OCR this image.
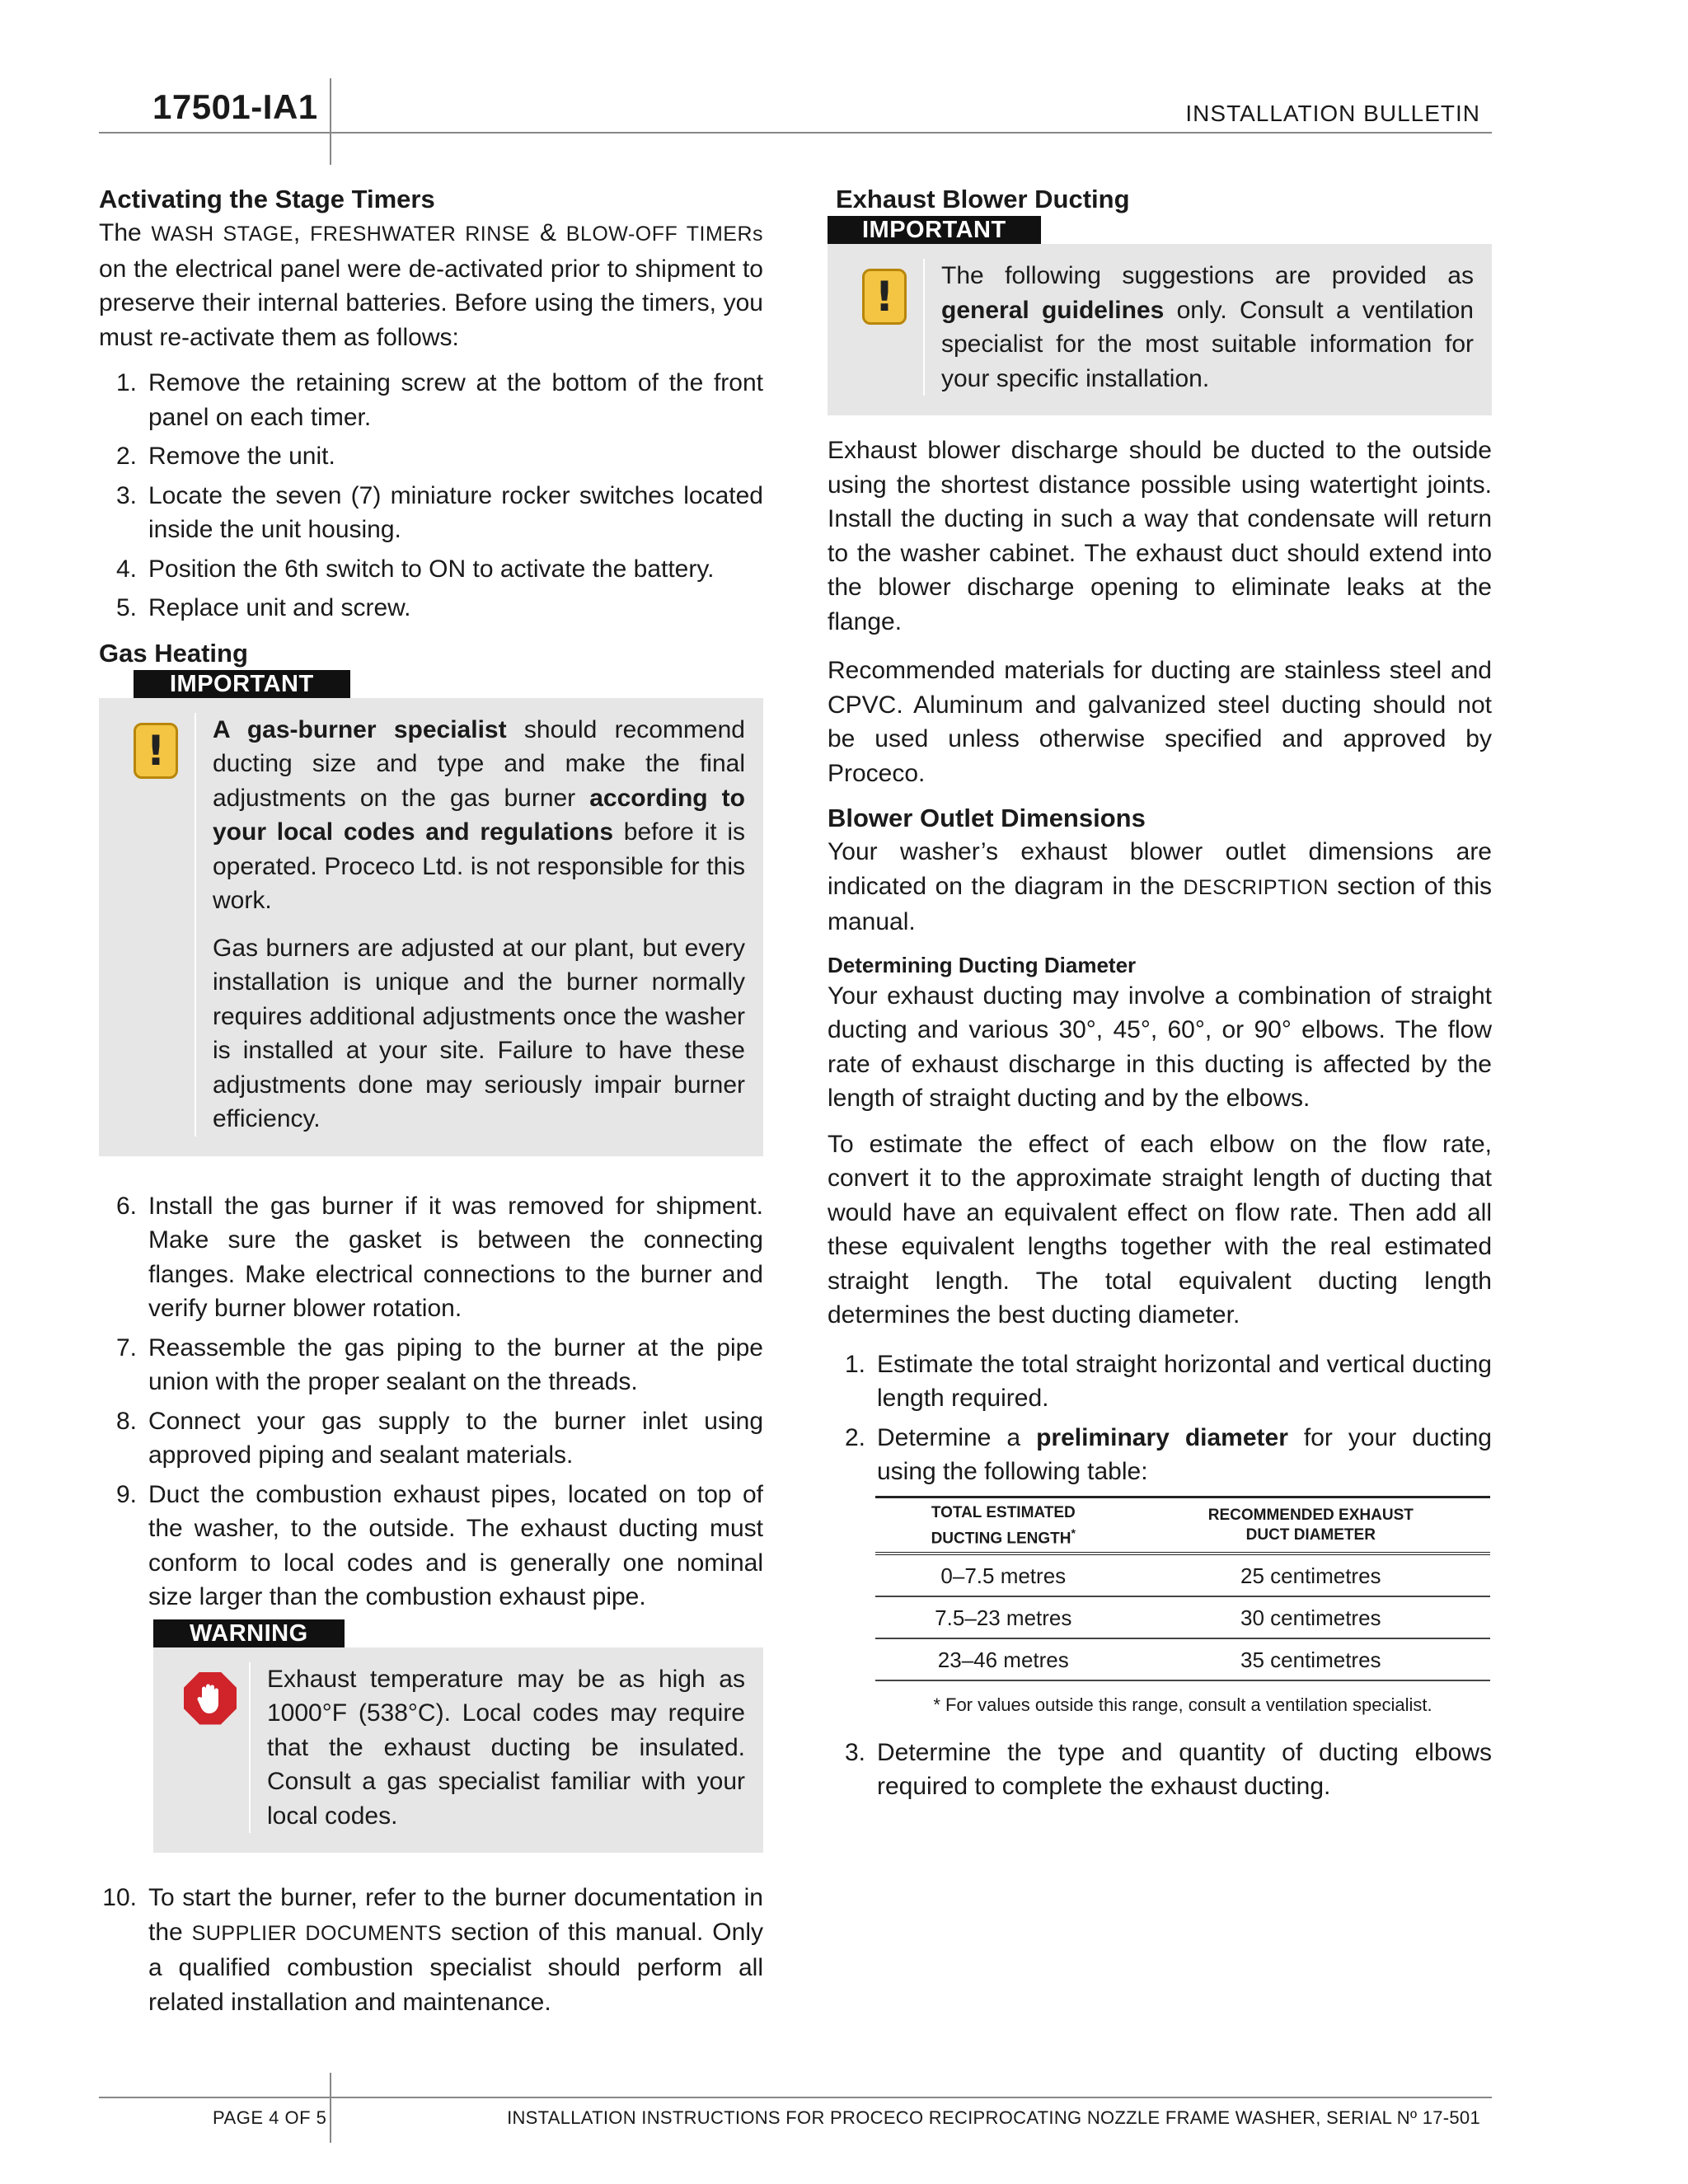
17501-IA1	INSTALLATION BULLETIN
Activating the Stage Timers

The WASH STAGE, FRESHWATER RINSE & BLOW-OFF TIMERs on the electrical panel were de-activated prior to shipment to preserve their internal batteries. Before using the timers, you must re-activate them as follows:

1. Remove the retaining screw at the bottom of the front panel on each timer.
2. Remove the unit.
3. Locate the seven (7) miniature rocker switches located inside the unit housing.
4. Position the 6th switch to ON to activate the battery.
5. Replace unit and screw.
Gas Heating
IMPORTANT
!	A gas-burner specialist should recommend ducting size and type and make the final adjustments on the gas burner according to your local codes and regulations before it is operated. Proceco Ltd. is not responsible for this work.

Gas burners are adjusted at our plant, but every installation is unique and the burner normally requires additional adjustments once the washer is installed at your site. Failure to have these adjustments done may seriously impair burner efficiency.

6. Install the gas burner if it was removed for shipment. Make sure the gasket is between the connecting flanges. Make electrical connections to the burner and verify burner blower rotation.
7. Reassemble the gas piping to the burner at the pipe union with the proper sealant on the threads.
8. Connect your gas supply to the burner inlet using approved piping and sealant materials.
9. Duct the combustion exhaust pipes, located on top of the washer, to the outside. The exhaust ducting must conform to local codes and is generally one nominal size larger than the combustion exhaust pipe.
WARNING

Exhaust temperature may be as high as 1000°F (538°C). Local codes may require that the exhaust ducting be insulated. Consult a gas specialist familiar with your local codes.

10. To start the burner, refer to the burner documentation in the SUPPLIER DOCUMENTS section of this manual. Only a qualified combustion specialist should perform all related installation and maintenance.
Exhaust Blower Ducting
IMPORTANT
!	The following suggestions are provided as general guidelines only. Consult a ventilation specialist for the most suitable information for your specific installation.

Exhaust blower discharge should be ducted to the outside using the shortest distance possible using watertight joints. Install the ducting in such a way that condensate will return to the washer cabinet. The exhaust duct should extend into the blower discharge opening to eliminate leaks at the flange.

Recommended materials for ducting are stainless steel and CPVC. Aluminum and galvanized steel ducting should not be used unless otherwise specified and approved by Proceco.

Blower Outlet Dimensions

Your washer’s exhaust blower outlet dimensions are indicated on the diagram in the DESCRIPTION section of this manual.

Determining Ducting Diameter

Your exhaust ducting may involve a combination of straight ducting and various 30°, 45°, 60°, or 90° elbows. The flow rate of exhaust discharge in this ducting is affected by the length of straight ducting and by the elbows.

To estimate the effect of each elbow on the flow rate, convert it to the approximate straight length of ducting that would have an equivalent effect on flow rate. Then add all these equivalent lengths together with the real estimated straight length. The total equivalent ducting length determines the best ducting diameter.

1. Estimate the total straight horizontal and vertical ducting length required.
2. Determine a preliminary diameter for your ducting using the following table:
TOTAL ESTIMATED
DUCTING LENGTH*	RECOMMENDED EXHAUST
DUCT DIAMETER
0–7.5 metres	25 centimetres
7.5–23 metres	30 centimetres
23–46 metres	35 centimetres
* For values outside this range, consult a ventilation specialist.
3. Determine the type and quantity of ducting elbows required to complete the exhaust ducting.
PAGE 4 OF 5	INSTALLATION INSTRUCTIONS FOR PROCECO RECIPROCATING NOZZLE FRAME WASHER, SERIAL Nº 17-501
